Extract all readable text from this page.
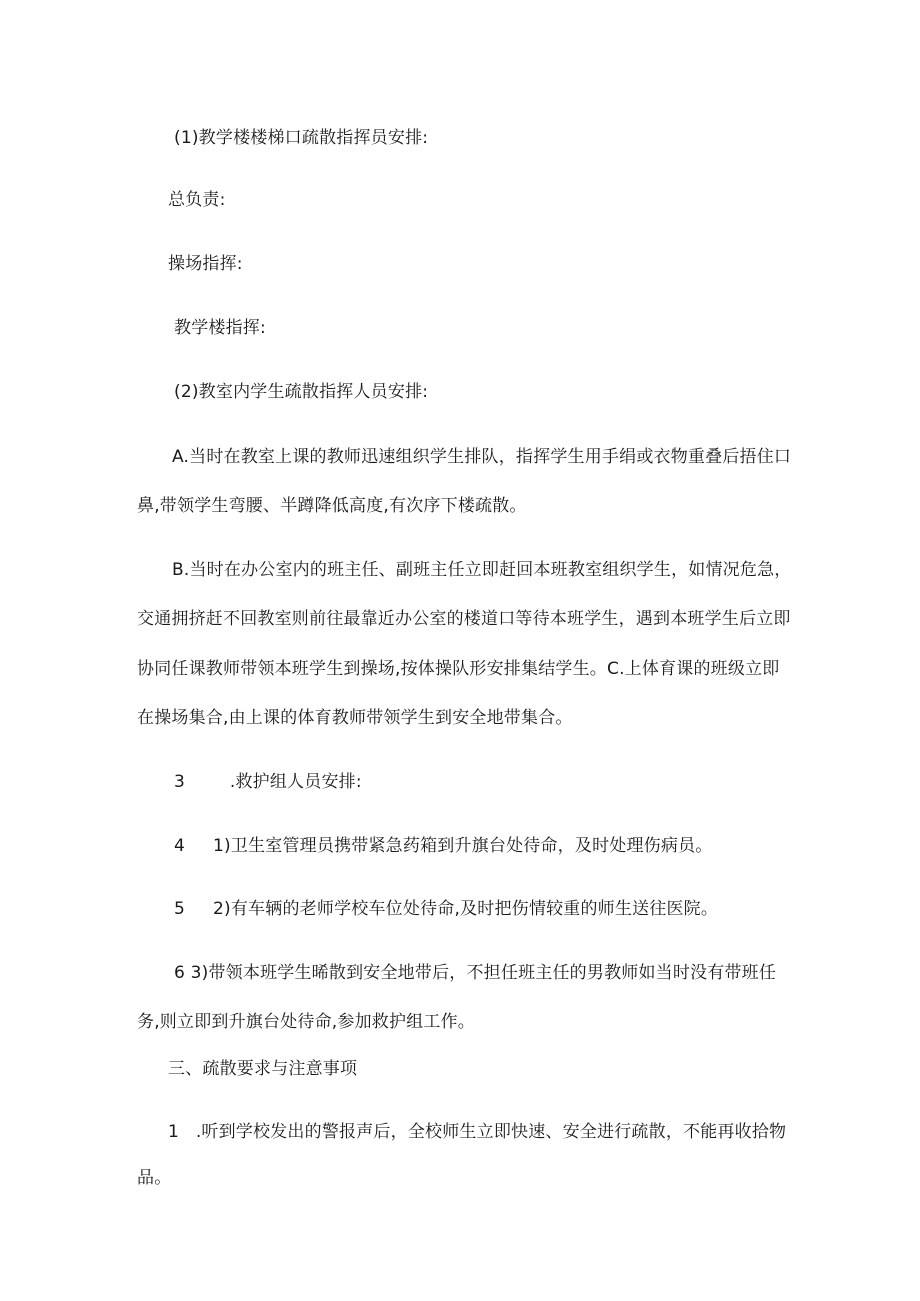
(1)教学楼楼梯口疏散指挥员安排:
总负责:
操场指挥:
教学楼指挥:
(2)教室内学生疏散指挥人员安排:
A.当时在教室上课的教师迅速组织学生排队，指挥学生用手绢或衣物重叠后捂住口
鼻,带领学生弯腰、半蹲降低高度,有次序下楼疏散。
B.当时在办公室内的班主任、副班主任立即赶回本班教室组织学生，如情况危急，
交通拥挤赶不回教室则前往最靠近办公室的楼道口等待本班学生，遇到本班学生后立即
协同任课教师带领本班学生到操场,按体操队形安排集结学生。C.上体育课的班级立即
在操场集合,由上课的体育教师带领学生到安全地带集合。
3        .救护组人员安排:
4     1)卫生室管理员携带紧急药箱到升旗台处待命，及时处理伤病员。
5     2)有车辆的老师学校车位处待命,及时把伤情较重的师生送往医院。
6 3)带领本班学生晞散到安全地带后，不担任班主任的男教师如当时没有带班任
务,则立即到升旗台处待命,参加救护组工作。
三、疏散要求与注意事项
1   .听到学校发出的警报声后，全校师生立即快速、安全进行疏散，不能再收拾物
品。
